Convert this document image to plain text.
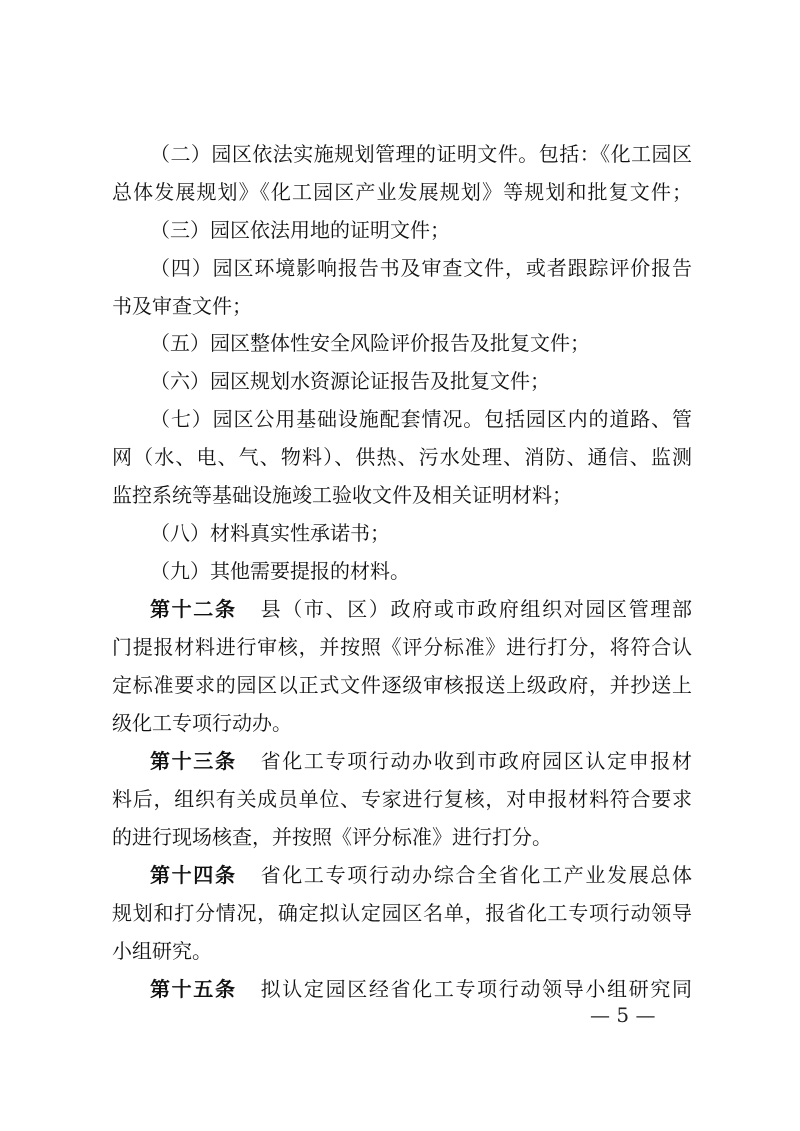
（二）园区依法实施规划管理的证明文件。包括：《化工园区
总体发展规划》《化工园区产业发展规划》等规划和批复文件；
（三）园区依法用地的证明文件；
（四）园区环境影响报告书及审查文件，或者跟踪评价报告
书及审查文件；
（五）园区整体性安全风险评价报告及批复文件；
（六）园区规划水资源论证报告及批复文件；
（七）园区公用基础设施配套情况。包括园区内的道路、管
网（水、电、气、物料）、供热、污水处理、消防、通信、监测
监控系统等基础设施竣工验收文件及相关证明材料；
（八）材料真实性承诺书；
（九）其他需要提报的材料。
第十二条 县（市、区）政府或市政府组织对园区管理部
门提报材料进行审核，并按照《评分标准》进行打分，将符合认
定标准要求的园区以正式文件逐级审核报送上级政府，并抄送上
级化工专项行动办。
第十三条 省化工专项行动办收到市政府园区认定申报材
料后，组织有关成员单位、专家进行复核，对申报材料符合要求
的进行现场核查，并按照《评分标准》进行打分。
第十四条 省化工专项行动办综合全省化工产业发展总体
规划和打分情况，确定拟认定园区名单，报省化工专项行动领导
小组研究。
第十五条 拟认定园区经省化工专项行动领导小组研究同
— 5 —
